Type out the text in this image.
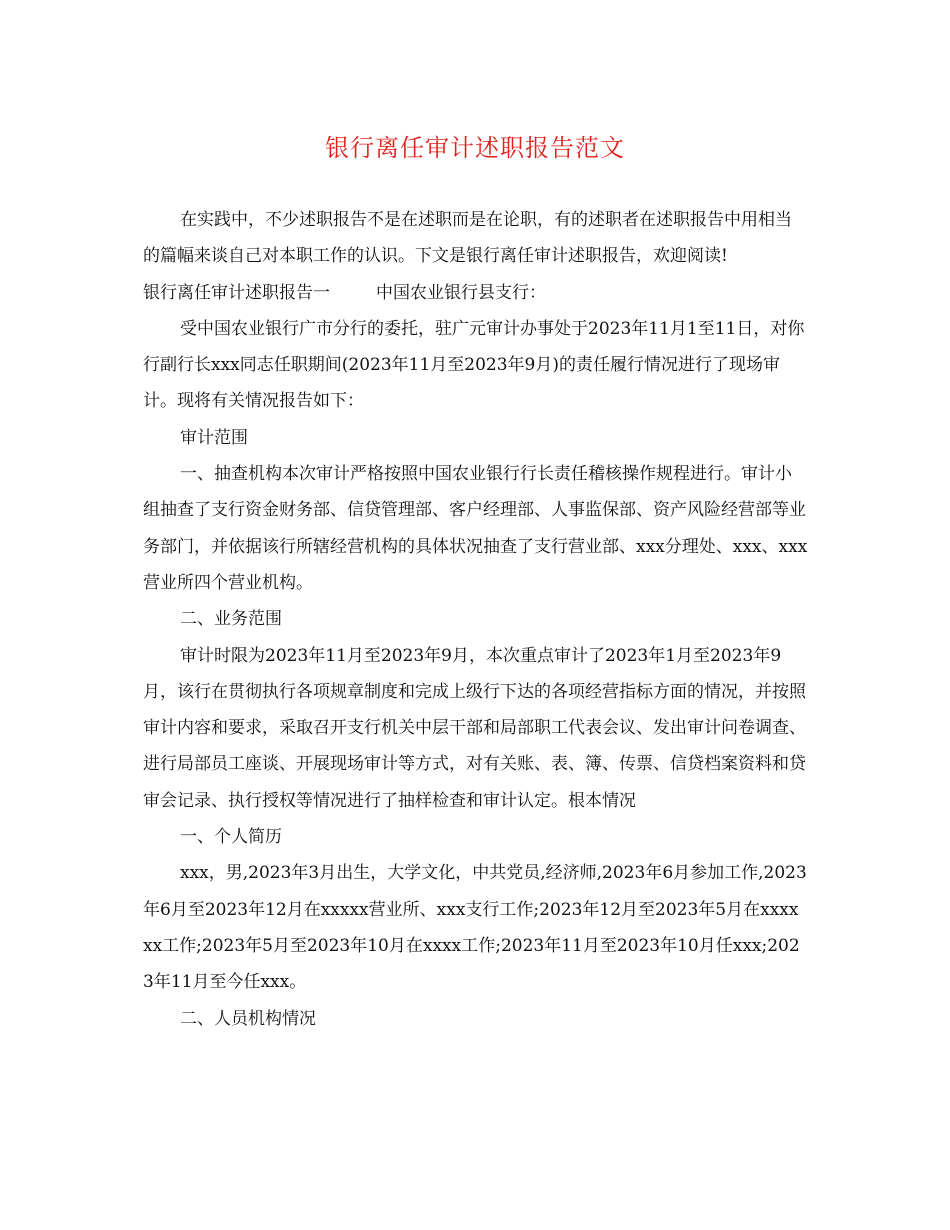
银行离任审计述职报告范文

在实践中，不少述职报告不是在述职而是在论职，有的述职者在述职报告中用相当的篇幅来谈自己对本职工作的认识。下文是银行离任审计述职报告，欢迎阅读!

银行离任审计述职报告一	中国农业银行县支行：

受中国农业银行广市分行的委托，驻广元审计办事处于2023年11月1至11日，对你行副行长xxx同志任职期间(2023年11月至2023年9月)的责任履行情况进行了现场审计。现将有关情况报告如下：

审计范围

一、抽查机构本次审计严格按照中国农业银行行长责任稽核操作规程进行。审计小组抽查了支行资金财务部、信贷管理部、客户经理部、人事监保部、资产风险经营部等业务部门，并依据该行所辖经营机构的具体状况抽查了支行营业部、xxx分理处、xxx、xxx营业所四个营业机构。

二、业务范围

审计时限为2023年11月至2023年9月，本次重点审计了2023年1月至2023年9月，该行在贯彻执行各项规章制度和完成上级行下达的各项经营指标方面的情况，并按照审计内容和要求，采取召开支行机关中层干部和局部职工代表会议、发出审计问卷调查、进行局部员工座谈、开展现场审计等方式，对有关账、表、簿、传票、信贷档案资料和贷审会记录、执行授权等情况进行了抽样检查和审计认定。根本情况

一、个人简历

xxx，男,2023年3月出生，大学文化，中共党员,经济师,2023年6月参加工作,2023年6月至2023年12月在xxxxx营业所、xxx支行工作;2023年12月至2023年5月在xxxxxx工作;2023年5月至2023年10月在xxxx工作;2023年11月至2023年10月任xxx;2023年11月至今任xxx。

二、人员机构情况
